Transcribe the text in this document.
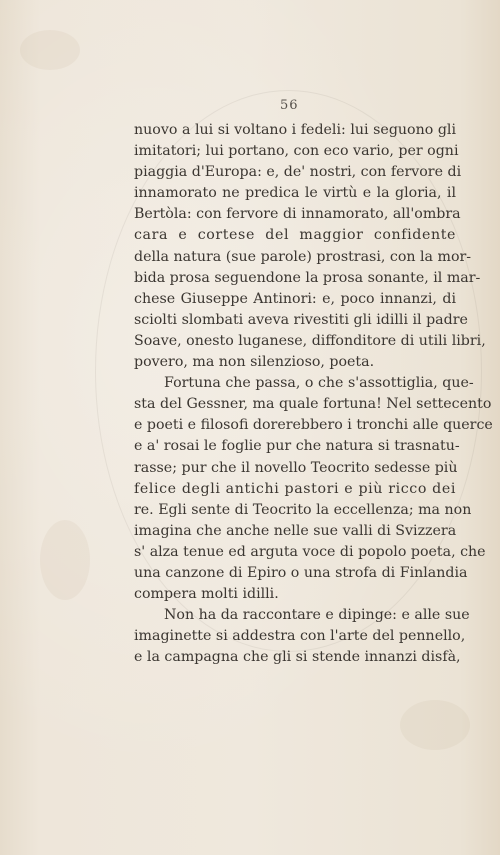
56
nuovo a lui si voltano i fedeli: lui seguono gli
imitatori; lui portano, con eco vario, per ogni
piaggia d'Europa: e, de' nostri, con fervore di
innamorato ne predica le virtù e la gloria, il
Bertòla: con fervore di innamorato, all'ombra
cara e cortese del maggior confidente
della natura (sue parole) prostrasi, con la mor-
bida prosa seguendone la prosa sonante, il mar-
chese Giuseppe Antinori: e, poco innanzi, di
sciolti slombati aveva rivestiti gli idilli il padre
Soave, onesto luganese, diffonditore di utili libri,
povero, ma non silenzioso, poeta.
Fortuna che passa, o che s'assottiglia, que-
sta del Gessner, ma quale fortuna! Nel settecento
e poeti e filosofi dorerebbero i tronchi alle querce
e a' rosai le foglie pur che natura si trasnatu-
rasse; pur che il novello Teocrito sedesse più
felice degli antichi pastori e più ricco dei
re. Egli sente di Teocrito la eccellenza; ma non
imagina che anche nelle sue valli di Svizzera
s' alza tenue ed arguta voce di popolo poeta, che
una canzone di Epiro o una strofa di Finlandia
compera molti idilli.
Non ha da raccontare e dipinge: e alle sue
imaginette si addestra con l'arte del pennello,
e la campagna che gli si stende innanzi disfà,
